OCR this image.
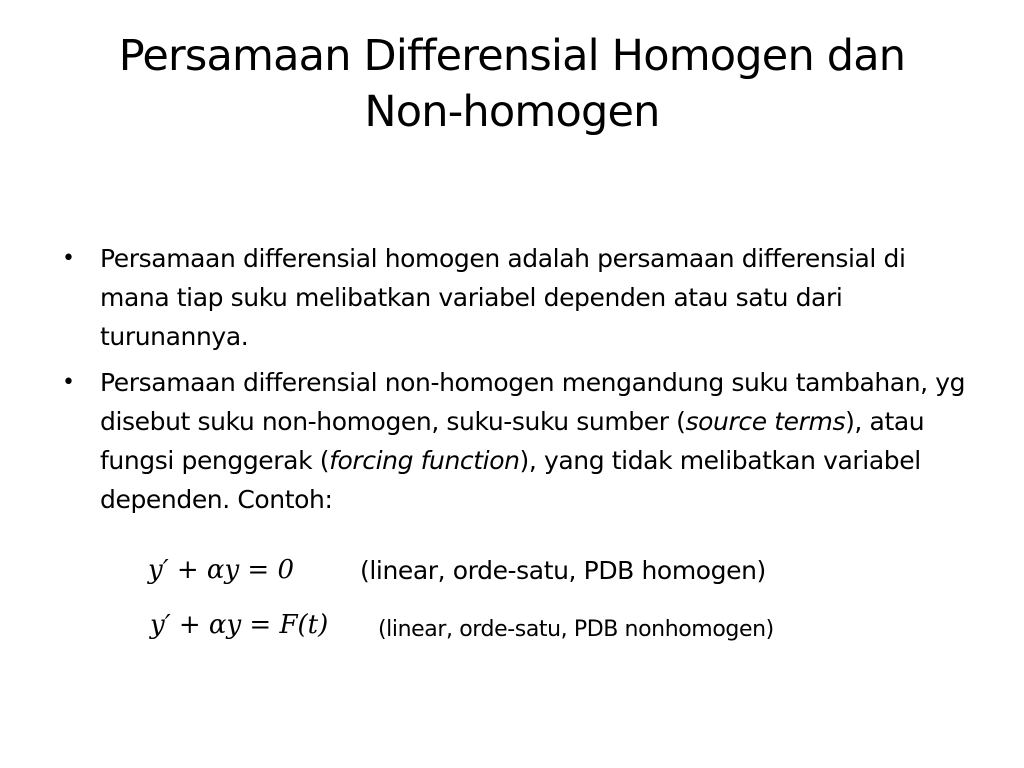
Persamaan Differensial Homogen dan
Non-homogen
• Persamaan differensial homogen adalah persamaan differensial di mana tiap suku melibatkan variabel dependen atau satu dari turunannya.
• Persamaan differensial non-homogen mengandung suku tambahan, yg disebut suku non-homogen, suku-suku sumber (source terms), atau fungsi penggerak (forcing function), yang tidak melibatkan variabel dependen. Contoh:
y′ + αy = 0	(linear, orde-satu, PDB homogen)
y′ + αy = F(t) (linear, orde-satu, PDB nonhomogen)
